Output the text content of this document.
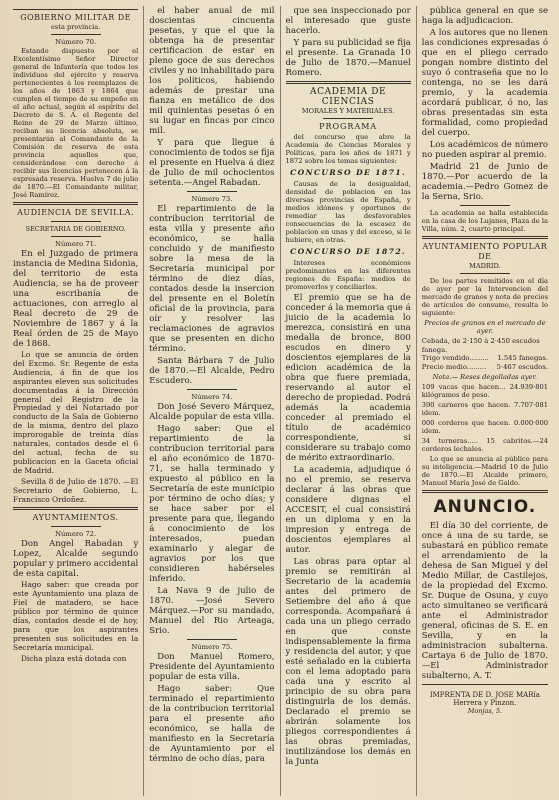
GOBIERNO MILITAR DE
esta provincia.
Número 70.

Estando dispuesto por el Excelentísimo Señor Director general de Infantería que todos los individuos del ejército y reserva pertenecientes á los reemplazos de los años de 1863 y 1864 que cumplen el tiempo de su empeño en el año actual, según el espíritu del Decreto de S. A. el Regente del Reino de 29 de Marzo último, reciban su licencia absoluta, se presentarán al Comandante de la Comisión de reserva de esta provincia aquellos que, considerándose con derecho á recibir sus licencias pertenecen á la expresada reserva. Huelva 7 de julio de 1870.—El Comandante militar, José Ramírez.

AUDIENCIA DE SEVILLA.
SECRETARIA DE GOBIERNO.
Número 71.

En el Juzgado de primera instancia de Medina Sidonia, del territorio de esta Audiencia, se ha de proveer una escribanía de actuaciones, con arreglo al Real decreto de 29 de Noviembre de 1867 y á la Real órden de 25 de Mayo de 1868.

Lo que se anuncia de órden del Excmo. Sr. Regente de esta Audiencia, á fin de que los aspirantes eleven sus solicitudes documentadas á la Dirección general del Registro de la Propiedad y del Notariado por conducto de la Sala de Gobierno de la misma, dentro del plazo improrogable de treinta días naturales, contados desde el 6 del actual, fecha de su publicacion en la Gaceta oficial de Madrid.

Sevilla 8 de Julio de 1870. —El Secretario de Gobierno, L. Francisco Ordoñez.

AYUNTAMIENTOS.
Número 72.

Don Angel Rabadan y Lopez, Alcalde segundo popular y primero accidental de esta capital.

Hago saber: que creada por este Ayuntamiento una plaza de Fiel de matadero, se hace público por término de quince días, contados desde el de hoy, para que los aspirantes presenten sus solicitudes en la Secretaría municipal.

Dicha plaza está dotada con

el haber anual de mil doscientas cincuenta pesetas, y que el que la obtenga ha de presentar certificacion de estar en pleno goce de sus derechos civiles y no inhabilitado para los políticos, habiendo además de prestar una fianza en metálico de dos mil quinientas pesetas ó en su lugar en fincas por cinco mil.

Y para que llegue á conocimiento de todos se fija el presente en Huelva á diez de Julio de mil ochocientos setenta.—Angel Rabadan.

Número 73.

El repartimiento de la contribucion territorial de esta villa y presente año económico, se halla concluido y de manifiesto sobre la mesa de la Secretaría municipal por término de diez días, contados desde la insercion del presente en el Boletín oficial de la provincia, para oír y resolver las reclamaciones de agravios que se presenten en dicho término.

Santa Bárbara 7 de Julio de 1870.—El Alcalde, Pedro Escudero.

Número 74.

Don José Severo Márquez, Alcalde popular de esta villa.

Hago saber: Que el repartimiento de la contribucion territorial para el año económico de 1870-71, se halla terminado y expuesto al público en la Secretaría de este municipio por término de ocho días; y se hace saber por el presente para que, llegando á conocimiento de los interesados, puedan examinarlo y alegar de agravios por los que considieren habérseles inferido.

La Nava 9 de julio de 1870. —José Severo Márquez.—Por su mandado, Manuel del Rio Arteaga, Srio.

Número 75.

Don Manuel Romero, Presidente del Ayuntamiento popular de esta villa.

Hago saber: Que terminado el repartimiento de la contribucion territorial para el presente año económico, se halla de manifiesto en la Secretaría de Ayuntamiento por el término de ocho días, para

que sea inspeccionado por el interesado que guste hacerlo.

Y para su publicidad se fija el presente. La Granada 10 de Julio de 1870.—Manuel Romero.

ACADEMIA DE CIENCIAS
MORALES Y MATERIALES.
PROGRAMA

del concurso que abre la Academia de Ciencias Morales y Políticas, para los años de 1871 y 1872 sobre los temas siguientes:

CONCURSO DE 1871.

Causas de la desigualdad, densidad de poblacion en las diversas provincias de España, y medios idóneos y oportunos de remediar las desfavorables consecuencias de la escasez de poblacion en unas y del exceso, si le hubiere, en otras.

CONCURSO DE 1872.

Intereses económicos predominantes en las diferentes regiones de España: medios de promoverlos y conciliarlos.

El premio que se ha de conceder á la memoria que á juicio de la academia lo merezca, consistirá en una medalla de bronce, 800 escudos en dinero y doscientos ejemplares de la edicion académica de la obra que fuere premiada, reservando al autor el derecho de propiedad. Podrá además la academia conceder al premiado el título de académico correspondiente, si considerare su trabajo como de mérito extraordinario.

La academia, adjudique ó no el premio, se reserva declarar á las obras que considere dignas el ACCESIT, el cual consistirá en un diploma y en la impresion y entrega de doscientos ejemplares al autor.

Las obras para optar al premio se remitirán al Secretario de la academia antes del primero de Setiembre del año á que corresponda. Acompañará á cada una un pliego cerrado en que conste indispensablemente la firma y residencia del autor, y que esté señalado en la cubierta con el lema adoptado para cada una y escrito al principio de su obra para distinguirla de los demás. Declarado el premio se abrirán solamente los pliegos correspondientes á las obras premiadas, inutilizándose los demás en la Junta

pública general en que se haga la adjudicacion.

A los autores que no llenen las condiciones expresadas ó que en el pliego cerrado pongan nombre distinto del suyo ó contraseña que no lo contenga, no se les dará premio, y la academia acordará publicar, ó no, las obras presentadas sin esta formalidad, como propiedad del cuerpo.

Los académicos de número no pueden aspirar al premio.

Madrid 21 de Junio de 1870.—Por acuerdo de la academia.—Pedro Gomez de la Serna, Srio.

La academia se halla establecida en la casa de los Lujanes, Plaza de la Villa, núm. 2, cuarto principal.

AYUNTAMIENTO POPULAR DE
MADRID.

De los partes remitidos en el día de ayer por la Intervencion del mercado de granos y nota de precios de artículos de consumo, resulta lo siguiente:

Precios de granos en el mercado de ayer.

Cebada, de 2·150 á 2·450 escudos fanega.
Trigo vendido......... 1.545 fanegas.
Precio medio......... 5·467 escudos.

Nota.— Reses degolladas ayer.

109 vacas que hacen... 24.939·801 kilógramos de peso.

390 carneros que hacen. 7.707·081 idem.

000 corderos que hacen. 0.000·000 idem.

34 terneras..... 15 cabritos.—24 corderos lechales.

Lo que se anuncia al público para su inteligencia.—Madrid 10 de Julio de 1870.—El Alcalde primero, Manuel María José de Galdo.

ANUNCIO.

El día 30 del corriente, de once á una de su tarde, se subastará en público remate el arrendamiento de la dehesa de San Miguel y del Medio Millar, de Castilejos, de la propiedad del Excmo. Sr. Duque de Osuna, y cuyo acto simultaneo se verificará ante el Administrador general, oficinas de S. E. en Sevilla, y en la administracion subalterna. Cartaya 6 de Julio de 1870. —El Administrador subalterno, A. T.

IMPRENTA DE D. JOSE MARía Herrera y Pinzon.
Monjas, 5.
